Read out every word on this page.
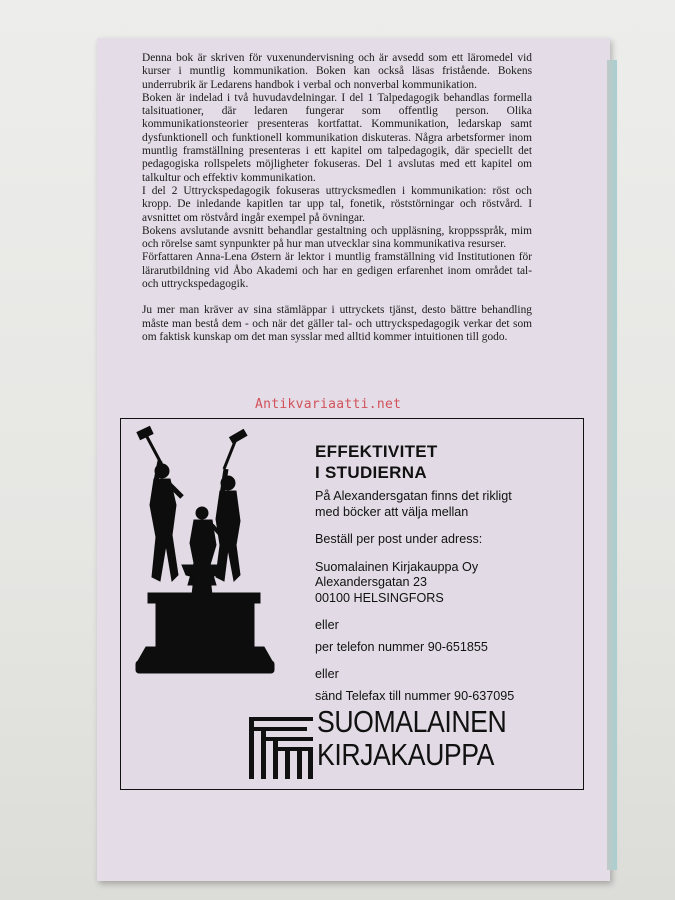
Denna bok är skriven för vuxenundervisning och är avsedd som ett läromedel vid kurser i muntlig kommunikation. Boken kan också läsas fristående. Bokens underrubrik är Ledarens handbok i verbal och nonverbal kommunikation.

Boken är indelad i två huvudavdelningar. I del 1 Talpedagogik behandlas formella talsituationer, där ledaren fungerar som offentlig person. Olika kommunikationsteorier presenteras kortfattat. Kommunikation, ledarskap samt dysfunktionell och funktionell kommunikation diskuteras. Några arbetsformer inom muntlig framställning presenteras i ett kapitel om talpedagogik, där speciellt det pedagogiska rollspelets möjligheter fokuseras. Del 1 avslutas med ett kapitel om talkultur och effektiv kommunikation.

I del 2 Uttryckspedagogik fokuseras uttrycksmedlen i kommunikation: röst och kropp. De inledande kapitlen tar upp tal, fonetik, röststörningar och röstvård. I avsnittet om röstvård ingår exempel på övningar.

Bokens avslutande avsnitt behandlar gestaltning och uppläsning, kroppsspråk, mim och rörelse samt synpunkter på hur man utvecklar sina kommunikativa resurser.

Författaren Anna-Lena Østern är lektor i muntlig framställning vid Institutionen för lärarutbildning vid Åbo Akademi och har en gedigen erfarenhet inom området tal- och uttryckspedagogik.

Ju mer man kräver av sina stämläppar i uttryckets tjänst, desto bättre behandling måste man bestå dem - och när det gäller tal- och uttryckspedagogik verkar det som om faktisk kunskap om det man sysslar med alltid kommer intuitionen till godo.

Antikvariaatti.net
EFFEKTIVITET
I STUDIERNA
På Alexandersgatan finns det rikligt
med böcker att välja mellan
Beställ per post under adress:
Suomalainen Kirjakauppa Oy
Alexandersgatan 23
00100 HELSINGFORS
eller
per telefon nummer 90-651855
eller
sänd Telefax till nummer 90-637095
SUOMALAINEN
KIRJAKAUPPA
